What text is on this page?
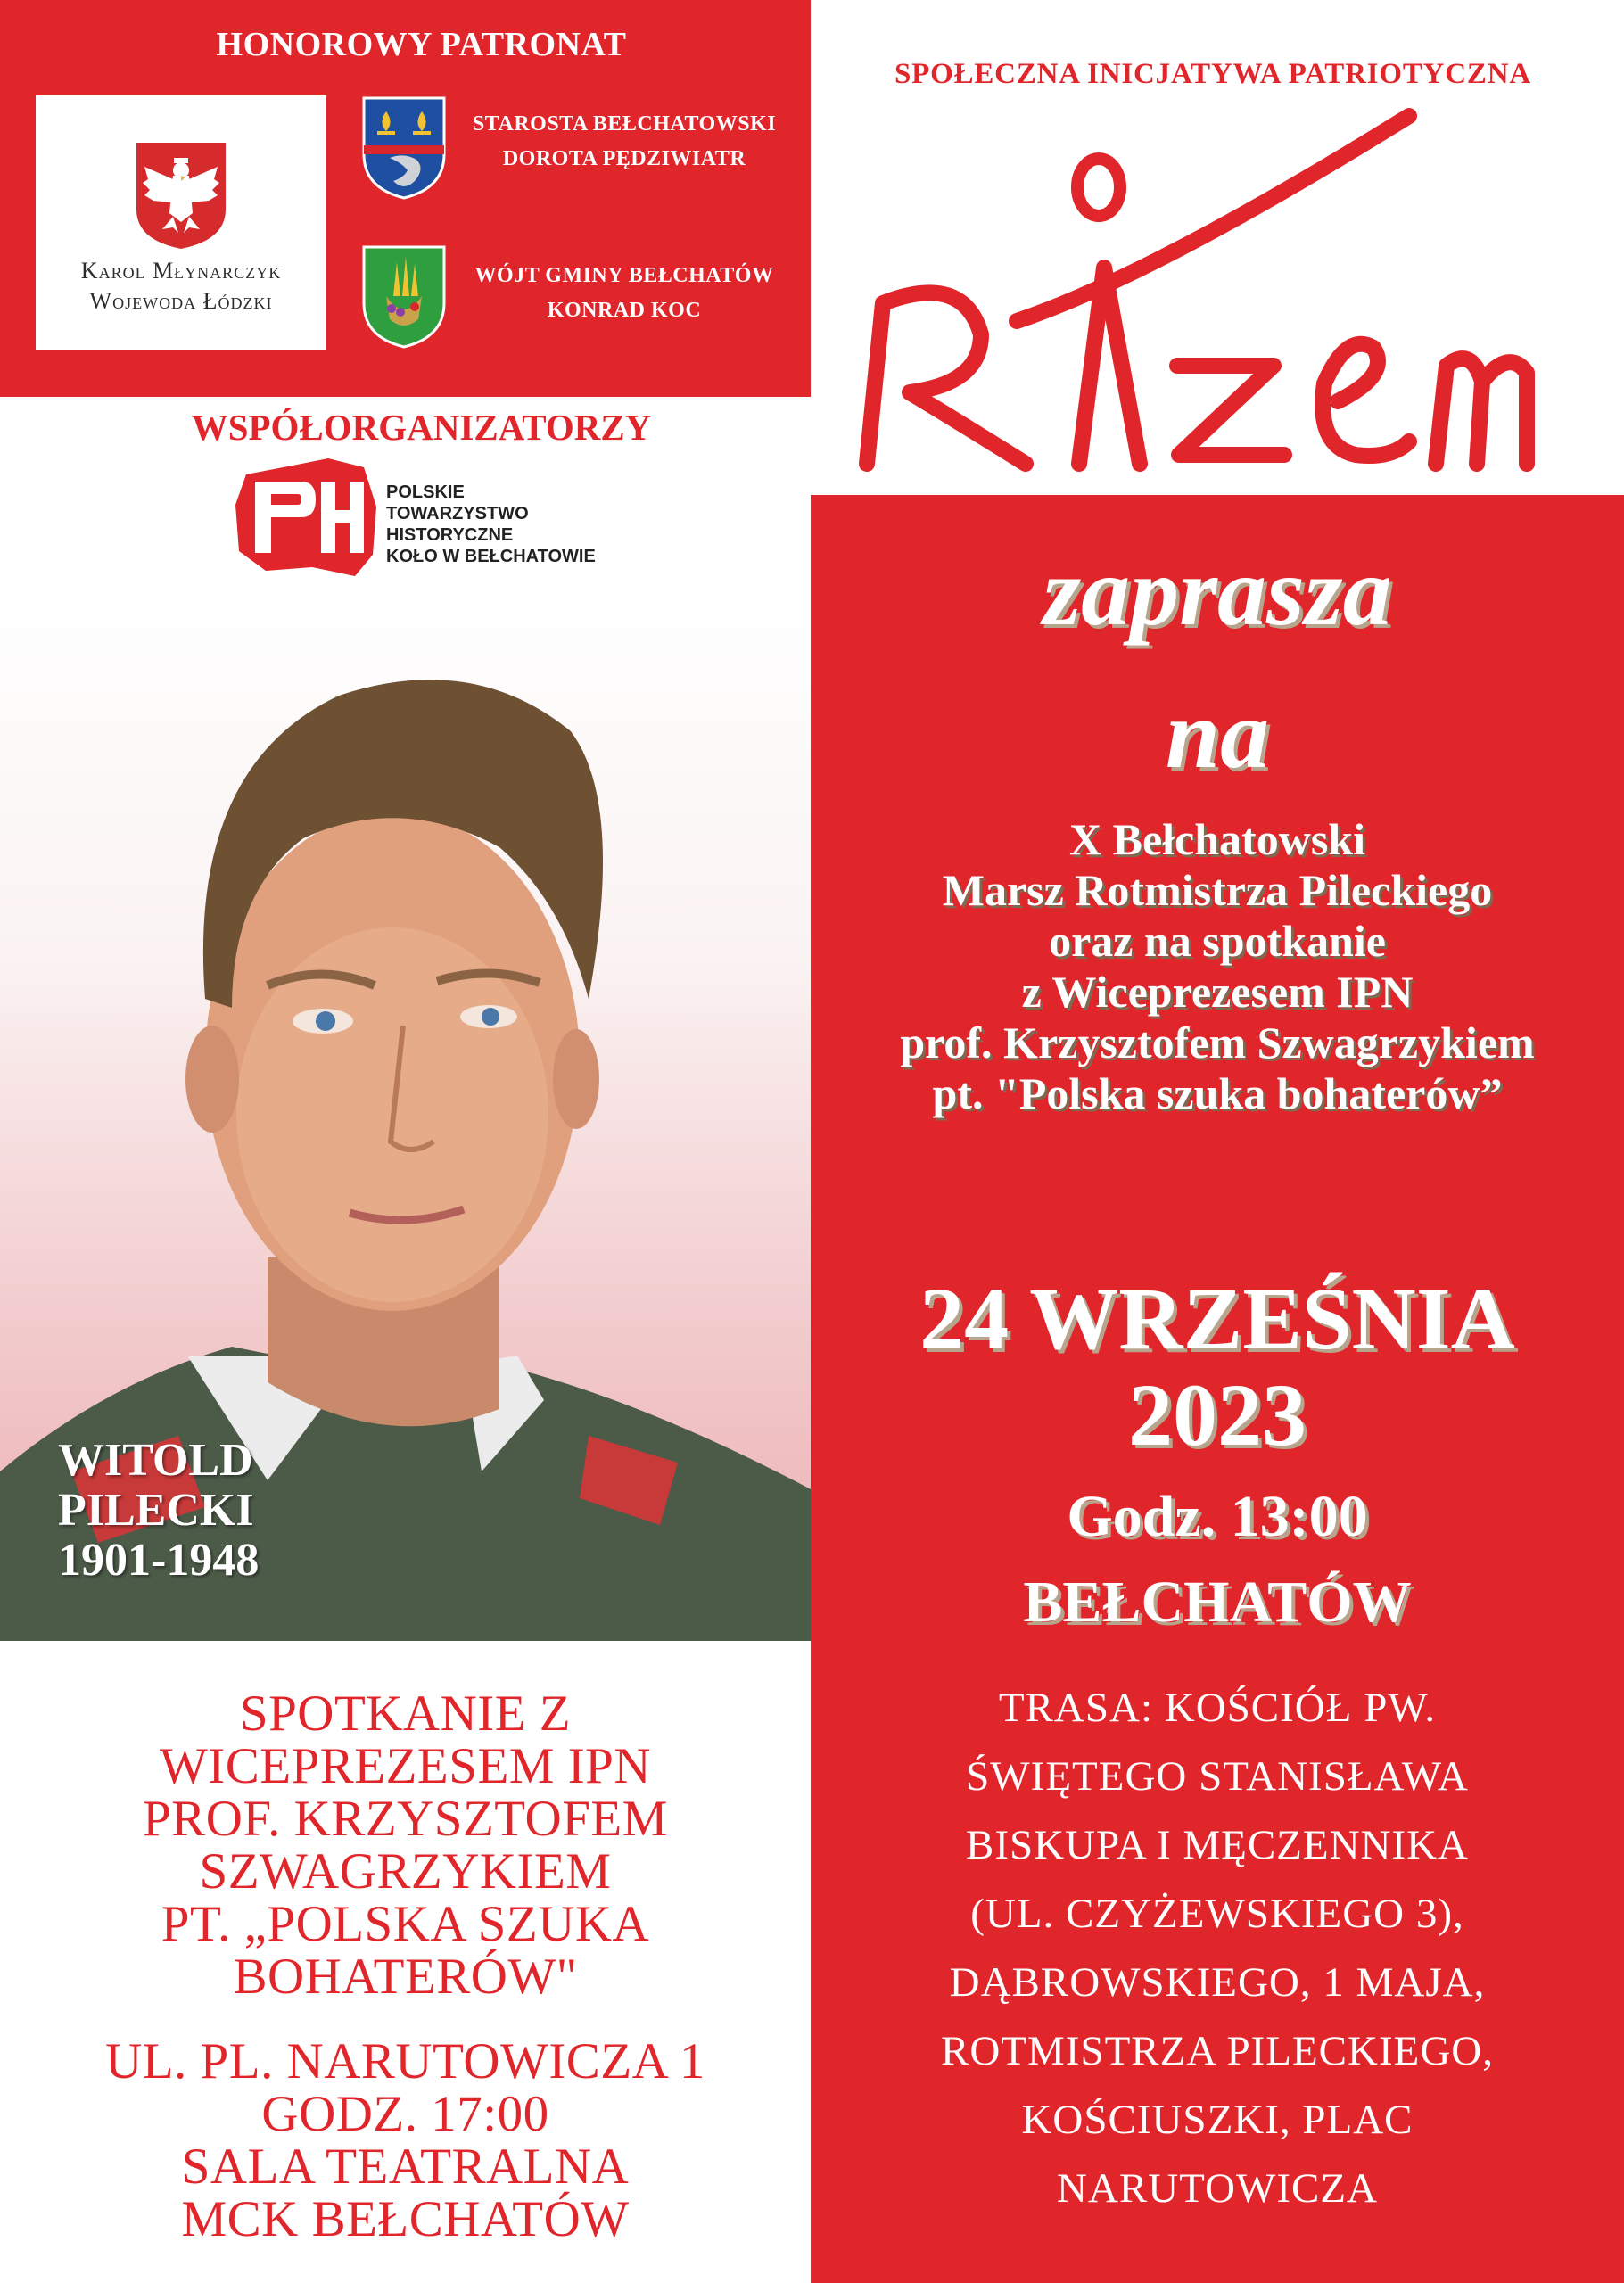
HONOROWY PATRONAT
Karol Młynarczyk
Wojewoda Łódzki
STAROSTA BEŁCHATOWSKI
DOROTA PĘDZIWIATR
WÓJT GMINY BEŁCHATÓW
KONRAD KOC
WSPÓŁORGANIZATORZY
POLSKIE
TOWARZYSTWO
HISTORYCZNE
KOŁO W BEŁCHATOWIE
SPOŁECZNA INICJATYWA PATRIOTYCZNA
zaprasza
na
X Bełchatowski
Marsz Rotmistrza Pileckiego
oraz na spotkanie
z Wiceprezesem IPN
prof. Krzysztofem Szwagrzykiem
pt. "Polska szuka bohaterów”
24 WRZEŚNIA
2023
Godz. 13:00
BEŁCHATÓW
TRASA: KOŚCIÓŁ PW.
ŚWIĘTEGO STANISŁAWA
BISKUPA I MĘCZENNIKA
(UL. CZYŻEWSKIEGO 3),
DĄBROWSKIEGO, 1 MAJA,
ROTMISTRZA PILECKIEGO,
KOŚCIUSZKI, PLAC
NARUTOWICZA
WITOLD
PILECKI
1901-1948
SPOTKANIE Z
WICEPREZESEM IPN
PROF. KRZYSZTOFEM
SZWAGRZYKIEM
PT. „POLSKA SZUKA
BOHATERÓW"
UL. PL. NARUTOWICZA 1
GODZ. 17:00
SALA TEATRALNA
MCK BEŁCHATÓW
